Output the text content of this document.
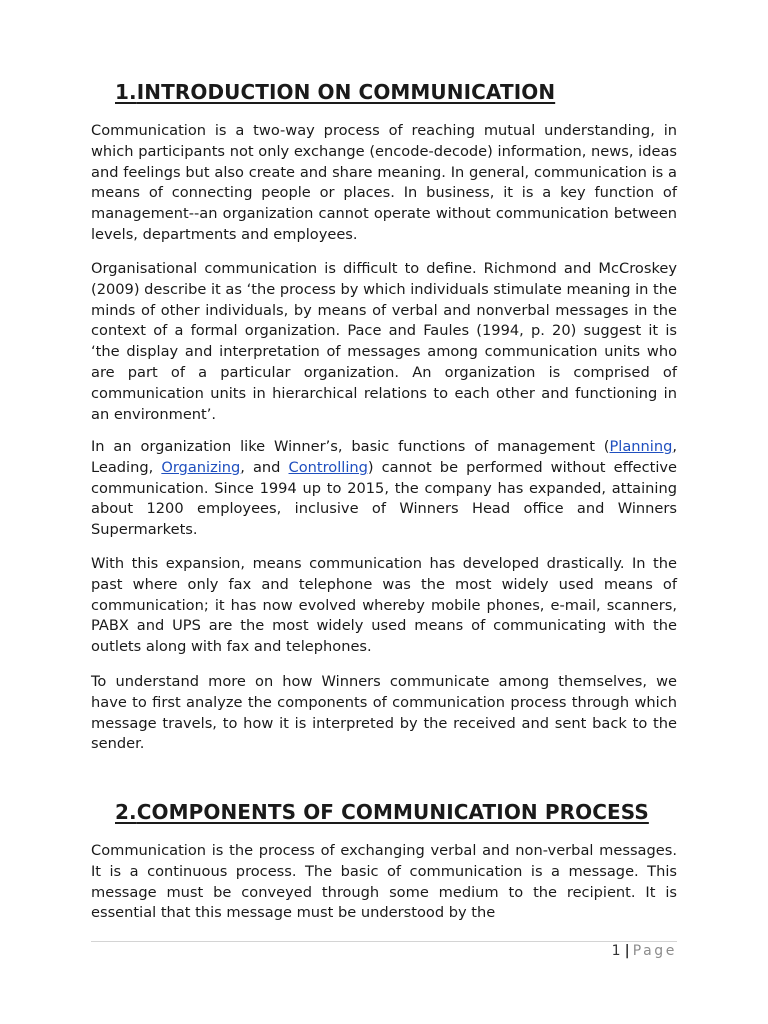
1.INTRODUCTION ON COMMUNICATION

Communication is a two-way process of reaching mutual understanding, in which participants not only exchange (encode-decode) information, news, ideas and feelings but also create and share meaning. In general, communication is a means of connecting people or places. In business, it is a key function of management--an organization cannot operate without communication between levels, departments and employees.

Organisational communication is difficult to define. Richmond and McCroskey (2009) describe it as ‘the process by which individuals stimulate meaning in the minds of other individuals, by means of verbal and nonverbal messages in the context of a formal organization. Pace and Faules (1994, p. 20) suggest it is ‘the display and interpretation of messages among communication units who are part of a particular organization. An organization is comprised of communication units in hierarchical relations to each other and functioning in an environment’.

In an organization like Winner’s, basic functions of management (Planning, Leading, Organizing, and Controlling) cannot be performed without effective communication. Since 1994 up to 2015, the company has expanded, attaining about 1200 employees, inclusive of Winners Head office and Winners Supermarkets.

With this expansion, means communication has developed drastically. In the past where only fax and telephone was the most widely used means of communication; it has now evolved whereby mobile phones, e-mail, scanners, PABX and UPS are the most widely used means of communicating with the outlets along with fax and telephones.

To understand more on how Winners communicate among themselves, we have to first analyze the components of communication process through which message travels, to how it is interpreted by the received and sent back to the sender.

2.COMPONENTS OF COMMUNICATION PROCESS

Communication is the process of exchanging verbal and non-verbal messages. It is a continuous process. The basic of communication is a message. This message must be conveyed through some medium to the recipient. It is essential that this message must be understood by the

1 | Page
